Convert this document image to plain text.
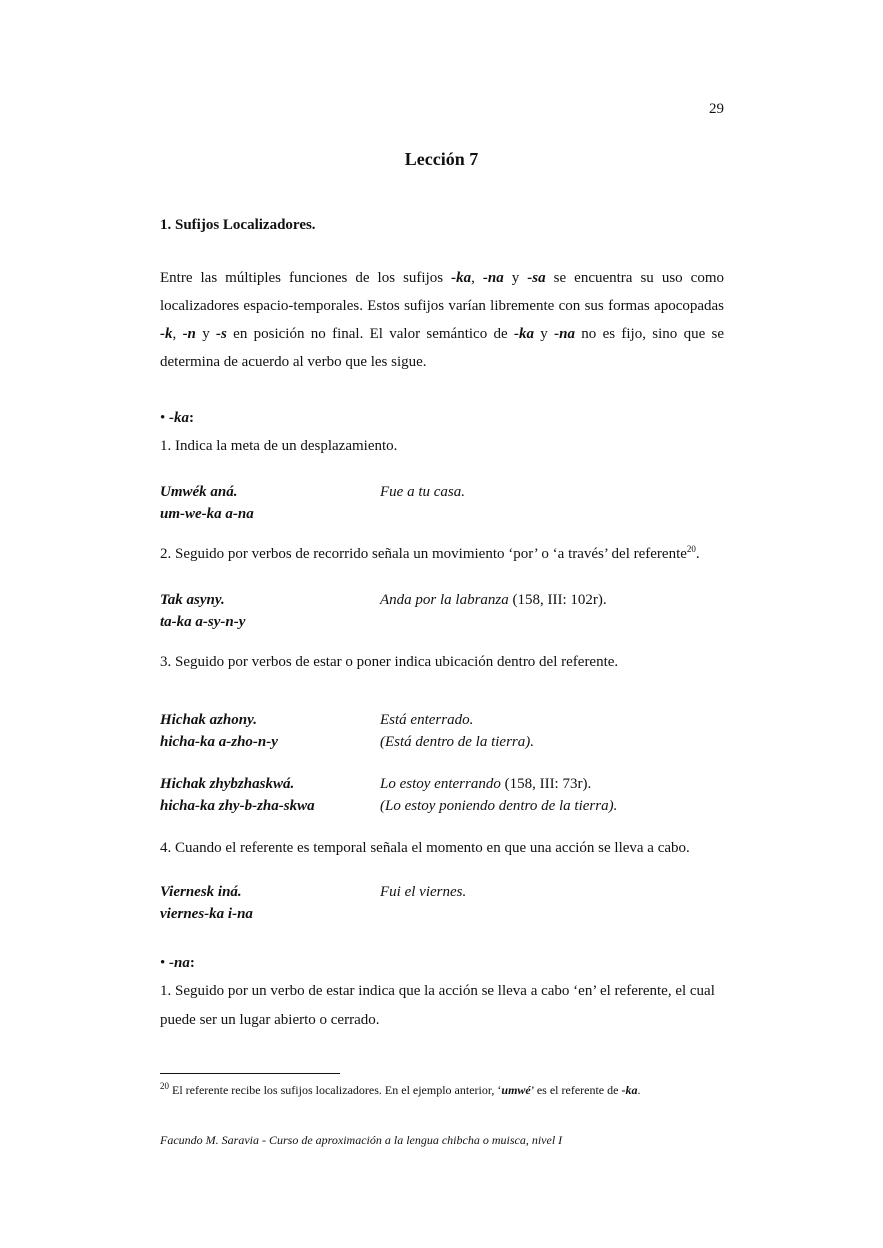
29
Lección 7
1. Sufijos Localizadores.
Entre las múltiples funciones de los sufijos -ka, -na y -sa se encuentra su uso como localizadores espacio-temporales. Estos sufijos varían libremente con sus formas apocopadas -k, -n y -s en posición no final. El valor semántico de -ka y -na no es fijo, sino que se determina de acuerdo al verbo que les sigue.
• -ka:
1. Indica la meta de un desplazamiento.
Umwék aná.
um-we-ka a-na
Fue a tu casa.
2. Seguido por verbos de recorrido señala un movimiento ‘por’ o ‘a través’ del referente$^{20}$.
Tak asyny.
ta-ka a-sy-n-y
Anda por la labranza (158, III: 102r).
3. Seguido por verbos de estar o poner indica ubicación dentro del referente.
Hichak azhony.
hicha-ka a-zho-n-y
Está enterrado.
(Está dentro de la tierra).
Hichak zhybzhaskwá.
hicha-ka zhy-b-zha-skwa
Lo estoy enterrando (158, III: 73r).
(Lo estoy poniendo dentro de la tierra).
4. Cuando el referente es temporal señala el momento en que una acción se lleva a cabo.
Viernesk iná.
viernes-ka i-na
Fui el viernes.
• -na:
1. Seguido por un verbo de estar indica que la acción se lleva a cabo ‘en’ el referente, el cual
puede ser un lugar abierto o cerrado.
$^{20}$ El referente recibe los sufijos localizadores. En el ejemplo anterior, ‘umwé’ es el referente de -ka.
Facundo M. Saravia - Curso de aproximación a la lengua chibcha o muisca, nivel I
